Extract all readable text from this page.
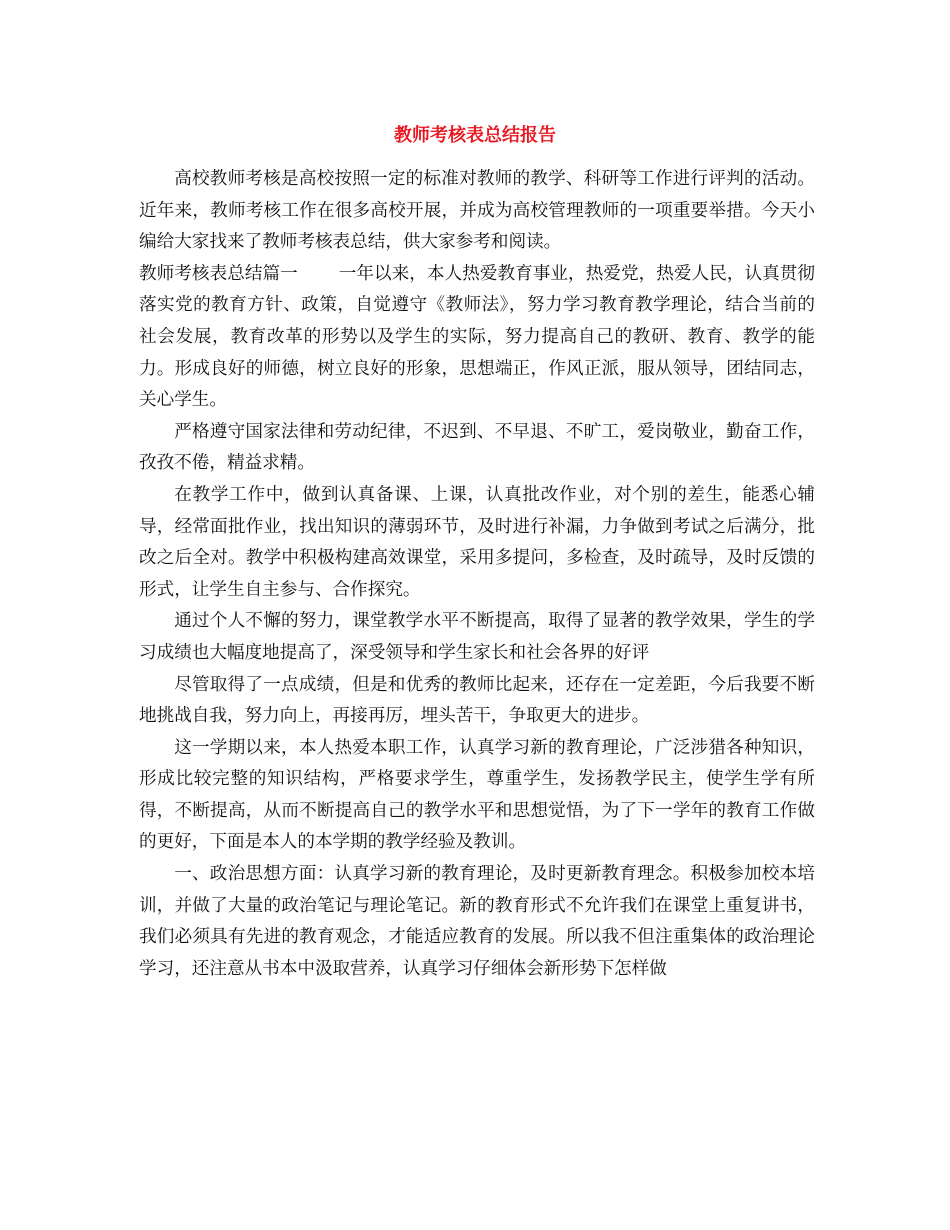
教师考核表总结报告

高校教师考核是高校按照一定的标准对教师的教学、科研等工作进行评判的活动。近年来，教师考核工作在很多高校开展，并成为高校管理教师的一项重要举措。今天小编给大家找来了教师考核表总结，供大家参考和阅读。

教师考核表总结篇一　　 一年以来，本人热爱教育事业，热爱党，热爱人民，认真贯彻落实党的教育方针、政策，自觉遵守《教师法》，努力学习教育教学理论，结合当前的社会发展，教育改革的形势以及学生的实际，努力提高自己的教研、教育、教学的能力。形成良好的师德，树立良好的形象，思想端正，作风正派，服从领导，团结同志，关心学生。

严格遵守国家法律和劳动纪律，不迟到、不早退、不旷工，爱岗敬业，勤奋工作，孜孜不倦，精益求精。

在教学工作中，做到认真备课、上课，认真批改作业，对个别的差生，能悉心辅导，经常面批作业，找出知识的薄弱环节，及时进行补漏，力争做到考试之后满分，批改之后全对。教学中积极构建高效课堂，采用多提问，多检查，及时疏导，及时反馈的形式，让学生自主参与、合作探究。

通过个人不懈的努力，课堂教学水平不断提高，取得了显著的教学效果，学生的学习成绩也大幅度地提高了，深受领导和学生家长和社会各界的好评

尽管取得了一点成绩，但是和优秀的教师比起来，还存在一定差距，今后我要不断地挑战自我，努力向上，再接再厉，埋头苦干，争取更大的进步。

这一学期以来，本人热爱本职工作，认真学习新的教育理论，广泛涉猎各种知识，形成比较完整的知识结构，严格要求学生，尊重学生，发扬教学民主，使学生学有所得，不断提高，从而不断提高自己的教学水平和思想觉悟，为了下一学年的教育工作做的更好，下面是本人的本学期的教学经验及教训。

一、政治思想方面：认真学习新的教育理论，及时更新教育理念。积极参加校本培训，并做了大量的政治笔记与理论笔记。新的教育形式不允许我们在课堂上重复讲书，我们必须具有先进的教育观念，才能适应教育的发展。所以我不但注重集体的政治理论学习，还注意从书本中汲取营养，认真学习仔细体会新形势下怎样做
